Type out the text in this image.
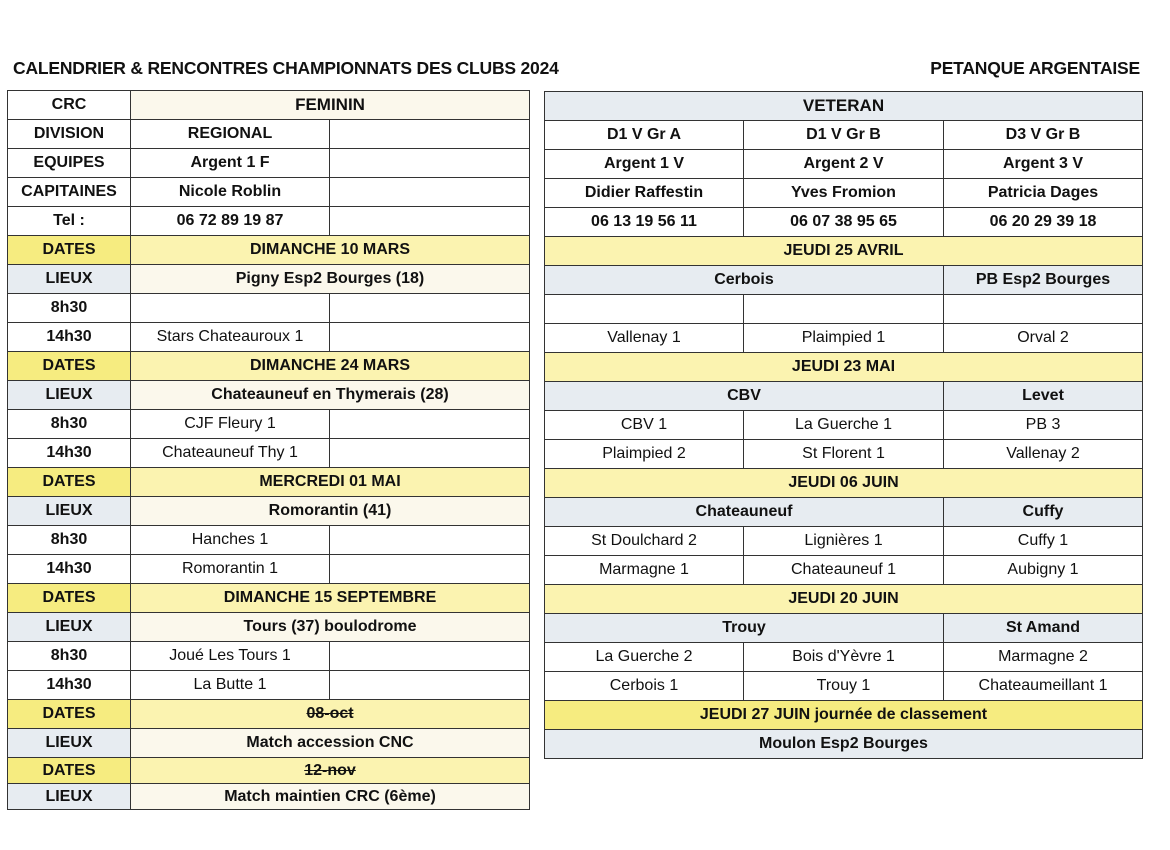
CALENDRIER & RENCONTRES CHAMPIONNATS DES CLUBS 2024	PETANQUE ARGENTAISE
CRC	FEMININ	
DIVISION	REGIONAL	
EQUIPES	Argent 1 F	
CAPITAINES	Nicole Roblin	
Tel :	06 72 89 19 87	
DATES	DIMANCHE 10 MARS	
LIEUX	Pigny Esp2 Bourges (18)	
8h30		
14h30	Stars Chateauroux 1	
DATES	DIMANCHE 24 MARS	
LIEUX	Chateauneuf en Thymerais (28)	
8h30	CJF Fleury 1	
14h30	Chateauneuf Thy 1	
DATES	MERCREDI 01 MAI	
LIEUX	Romorantin (41)	
8h30	Hanches 1	
14h30	Romorantin 1	
DATES	DIMANCHE 15 SEPTEMBRE	
LIEUX	Tours (37) boulodrome	
8h30	Joué Les Tours 1	
14h30	La Butte 1	
DATES	08-oct	
LIEUX	Match accession CNC	
DATES	12-nov	
LIEUX	Match maintien CRC (6ème)	
VETERAN		
D1 V Gr A	D1 V Gr B	D3 V Gr B
Argent 1 V	Argent 2 V	Argent 3 V
Didier Raffestin	Yves Fromion	Patricia Dages
06 13 19 56 11	06 07 38 95 65	06 20 29 39 18
JEUDI 25 AVRIL		
Cerbois		PB Esp2 Bourges

Vallenay 1	Plaimpied 1	Orval 2
JEUDI 23 MAI		
CBV		Levet
CBV 1	La Guerche 1	PB 3
Plaimpied 2	St Florent 1	Vallenay 2
JEUDI 06 JUIN		
Chateauneuf		Cuffy
St Doulchard 2	Lignières 1	Cuffy 1
Marmagne 1	Chateauneuf 1	Aubigny 1
JEUDI 20 JUIN		
Trouy		St Amand
La Guerche 2	Bois d'Yèvre 1	Marmagne 2
Cerbois 1	Trouy 1	Chateaumeillant 1
JEUDI 27 JUIN journée de classement		
Moulon Esp2 Bourges		
